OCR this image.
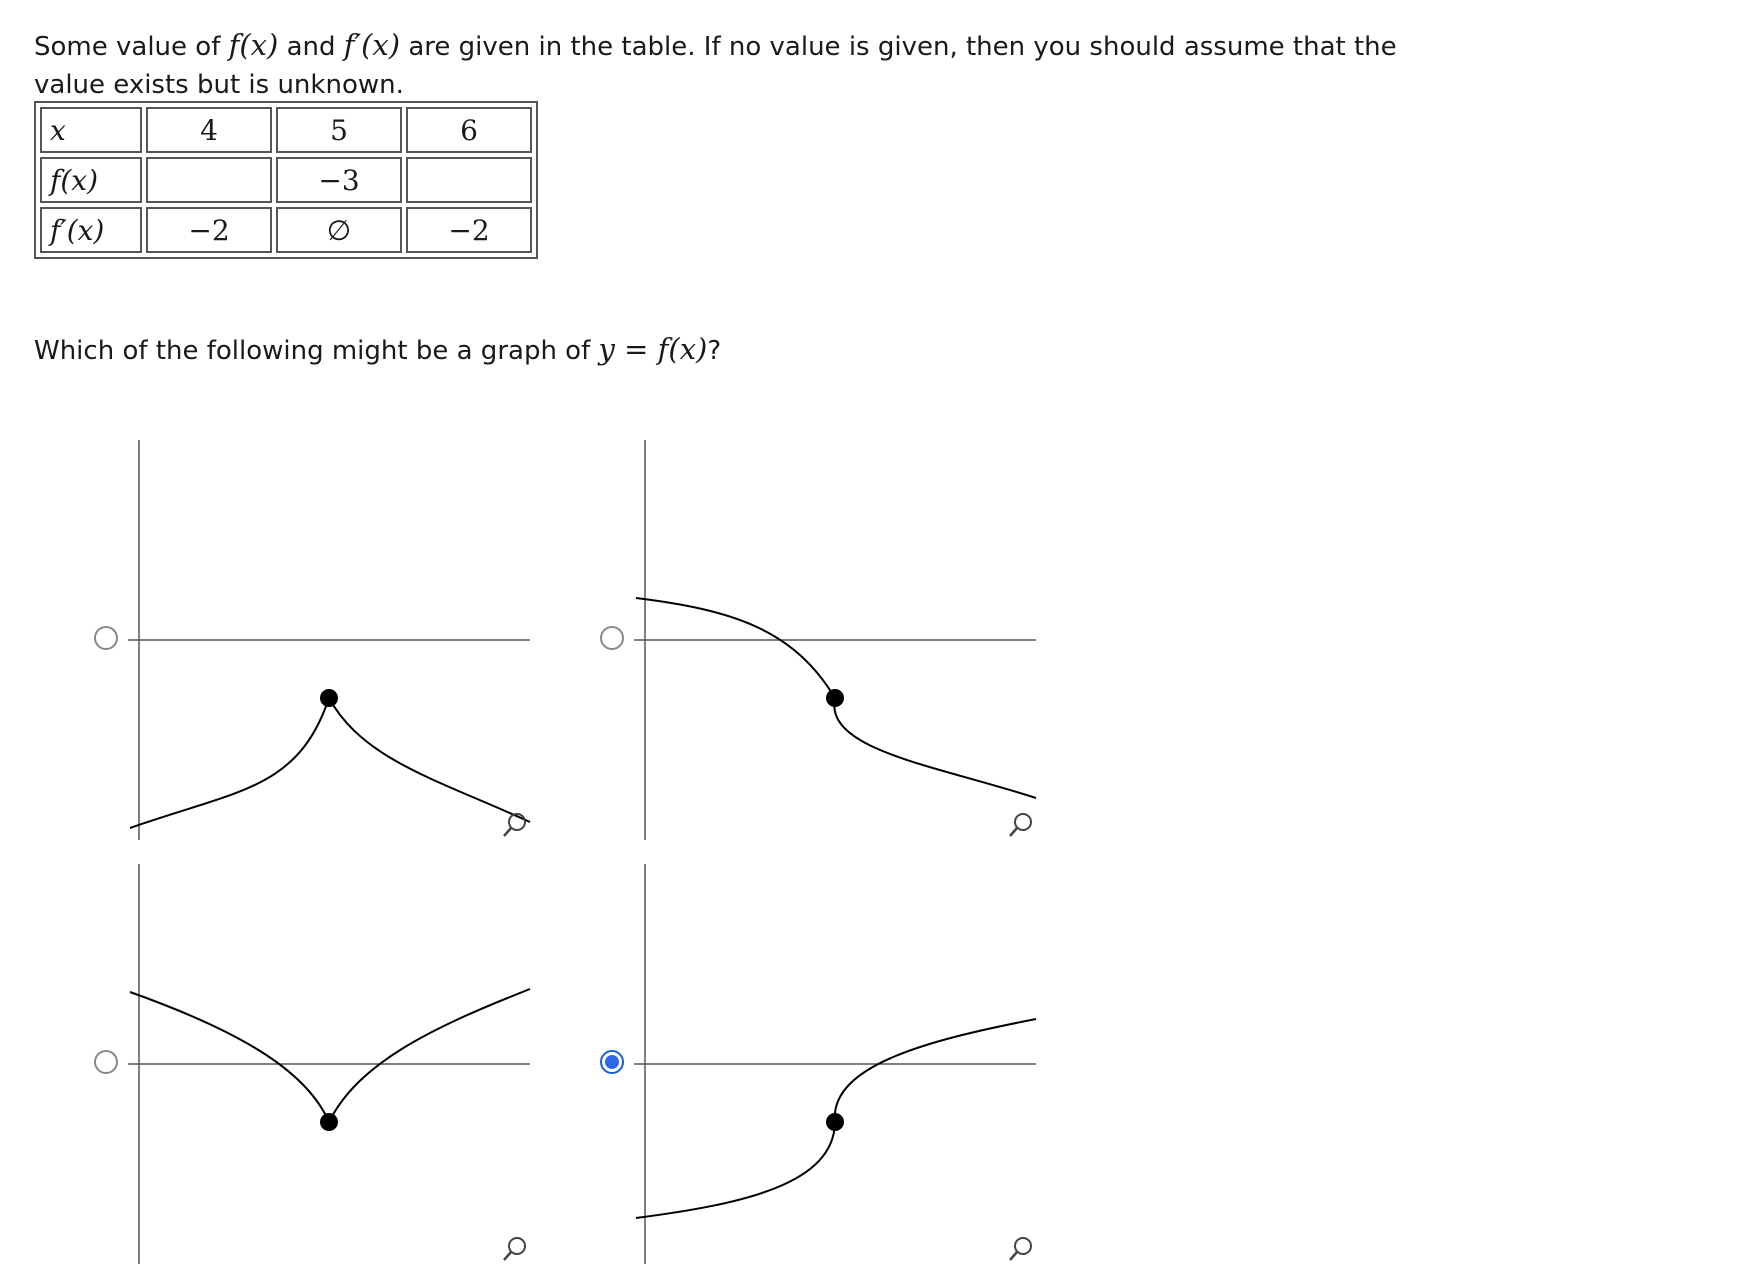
Some value of f(x) and f′(x) are given in the table. If no value is given, then you should assume that the value exists but is unknown.
x	4	5	6
f(x)		−3	
f′(x)	−2	∅	−2
Which of the following might be a graph of y = f(x)?
